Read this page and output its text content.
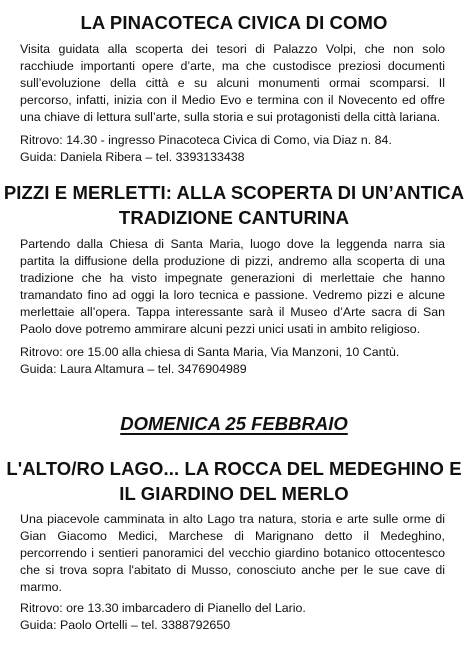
LA PINACOTECA CIVICA DI COMO

Visita guidata alla scoperta dei tesori di Palazzo Volpi, che non solo racchiude importanti opere d’arte, ma che custodisce preziosi documenti sull’evoluzione della città e su alcuni monumenti ormai scomparsi. Il percorso, infatti, inizia con il Medio Evo e termina con il Novecento ed offre una chiave di lettura sull’arte, sulla storia e sui protagonisti della città lariana.

Ritrovo: 14.30 - ingresso Pinacoteca Civica di Como, via Diaz n. 84.

Guida: Daniela Ribera – tel. 3393133438

PIZZI E MERLETTI: ALLA SCOPERTA DI UN’ANTICA
TRADIZIONE CANTURINA

Partendo dalla Chiesa di Santa Maria, luogo dove la leggenda narra sia partita la diffusione della produzione di pizzi, andremo alla scoperta di una tradizione che ha visto impegnate generazioni di merlettaie che hanno tramandato fino ad oggi la loro tecnica e passione. Vedremo pizzi e alcune merlettaie all’opera. Tappa interessante sarà il Museo d’Arte sacra di San Paolo dove potremo ammirare alcuni pezzi unici usati in ambito religioso.

Ritrovo: ore 15.00 alla chiesa di Santa Maria, Via Manzoni, 10 Cantù.

Guida: Laura Altamura – tel. 3476904989

DOMENICA 25 FEBBRAIO
L'ALTO/RO LAGO... LA ROCCA DEL MEDEGHINO E
IL GIARDINO DEL MERLO

Una piacevole camminata in alto Lago tra natura, storia e arte sulle orme di Gian Giacomo Medici, Marchese di Marignano detto il Medeghino, percorrendo i sentieri panoramici del vecchio giardino botanico ottocentesco che si trova sopra l'abitato di Musso, conosciuto anche per le sue cave di marmo.

Ritrovo: ore 13.30 imbarcadero di Pianello del Lario.

Guida: Paolo Ortelli – tel. 3388792650
